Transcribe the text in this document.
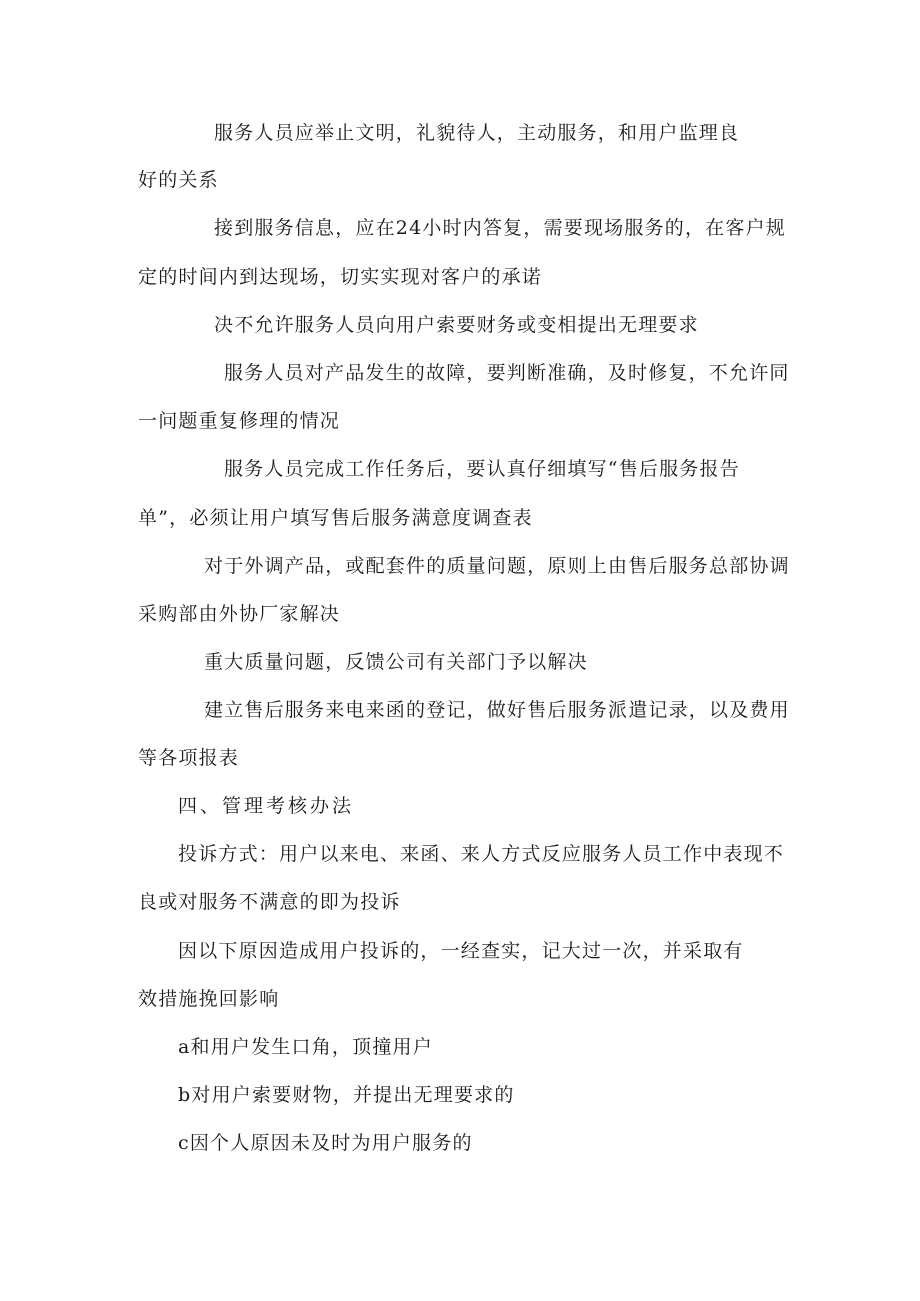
服务人员应举止文明，礼貌待人，主动服务，和用户监理良
好的关系
接到服务信息，应在24小时内答复，需要现场服务的，在客户规
定的时间内到达现场，切实实现对客户的承诺
决不允许服务人员向用户索要财务或变相提出无理要求
服务人员对产品发生的故障，要判断准确，及时修复，不允许同
一问题重复修理的情况
服务人员完成工作任务后，要认真仔细填写“售后服务报告
单”，必须让用户填写售后服务满意度调查表
对于外调产品，或配套件的质量问题，原则上由售后服务总部协调
采购部由外协厂家解决
重大质量问题，反馈公司有关部门予以解决
建立售后服务来电来函的登记，做好售后服务派遣记录，以及费用
等各项报表
四、管理考核办法
投诉方式：用户以来电、来函、来人方式反应服务人员工作中表现不
良或对服务不满意的即为投诉
因以下原因造成用户投诉的，一经查实，记大过一次，并采取有
效措施挽回影响
a和用户发生口角，顶撞用户
b对用户索要财物，并提出无理要求的
c因个人原因未及时为用户服务的
